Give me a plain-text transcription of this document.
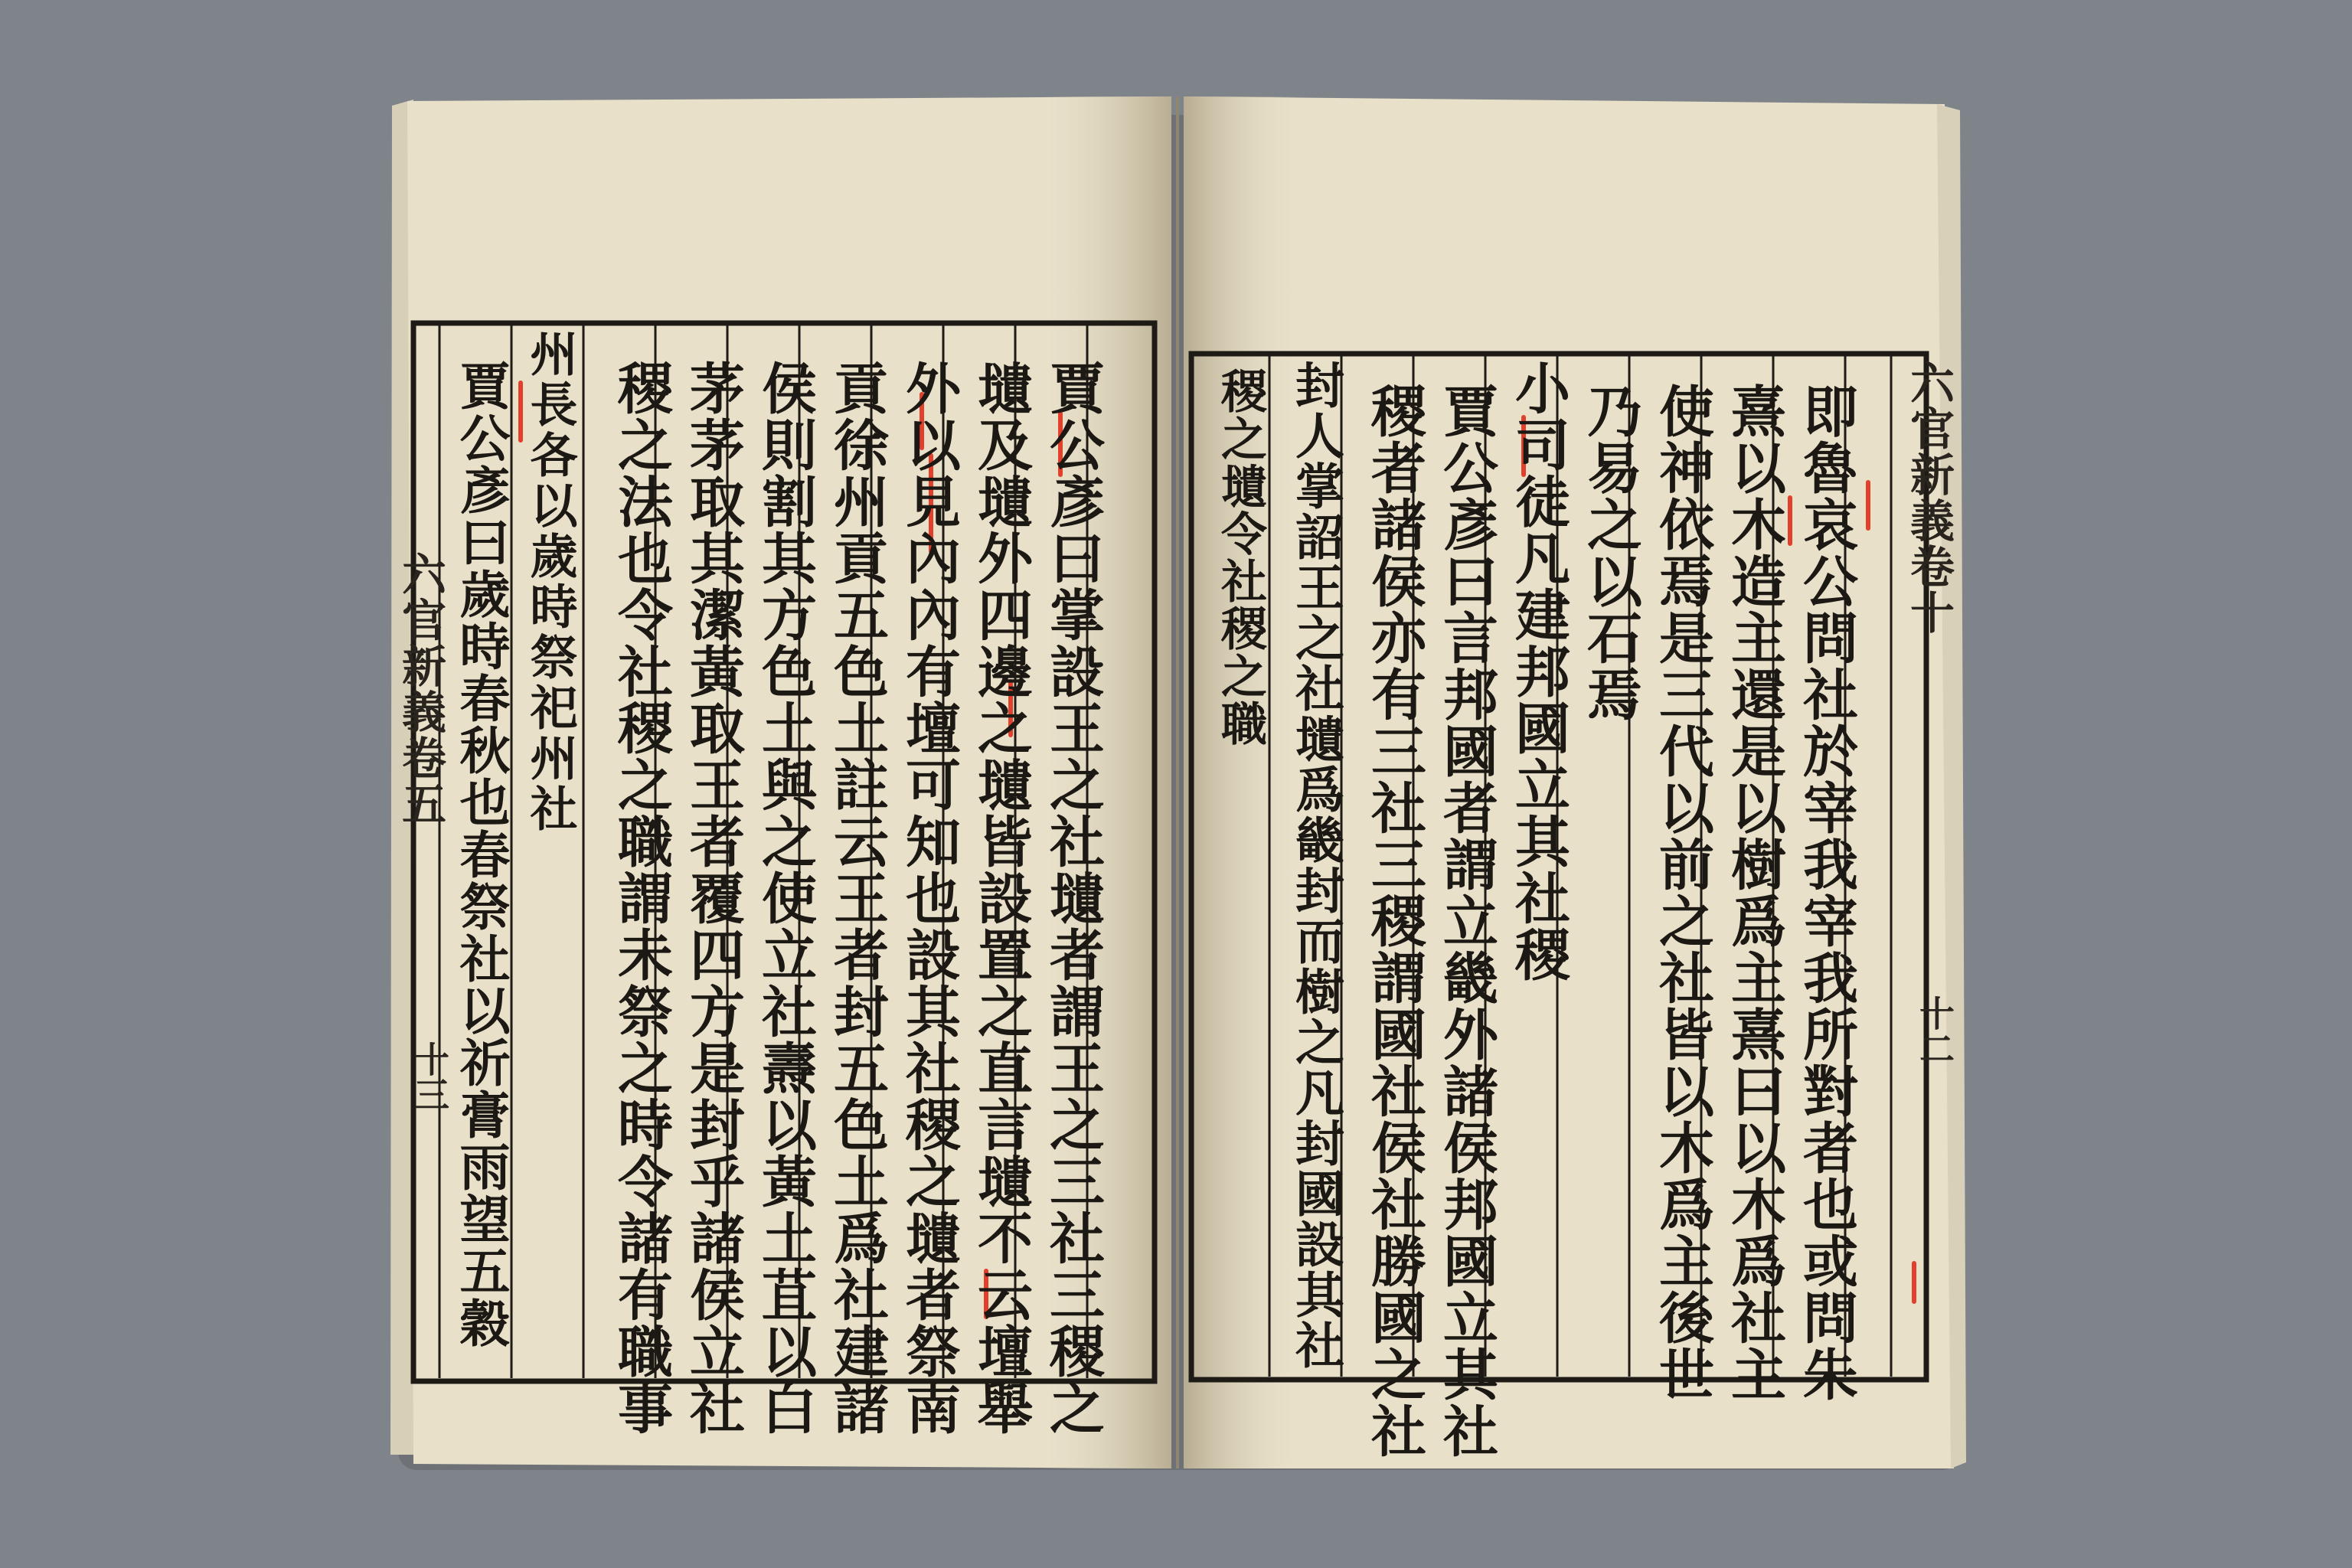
賈公彥曰掌設王之社壝者謂王之三社三稷之
壝及壝外四邊之壝皆設置之直言壝不云壇舉
外以見內內有壇可知也設其社稷之壝者祭南
貢徐州貢五色土註云王者封五色土爲社建諸
侯則割其方色土與之使立社燾以黃土苴以白
茅茅取其潔黃取王者覆四方是封乎諸侯立社
稷之法也令社稷之職謂未祭之時令諸有職事
州長各以歲時祭祀州社
賈公彥曰歲時春秋也春祭社以祈膏雨望五穀
六官新義卷五
十三
六官新義卷十
十二
即魯哀公問社於宰我宰我所對者也或問朱
熹以木造主還是以樹爲主熹曰以木爲社主
使神依焉是三代以前之社皆以木爲主後世
小司徒凡建邦國立其社稷
賈公彥曰言邦國者謂立畿外諸侯邦國立其社
稷者諸侯亦有三社三稷謂國社侯社勝國之社
封人掌詔王之社壝爲畿封而樹之凡封國設其社
稷之壝令社稷之職	乃易之以石焉
